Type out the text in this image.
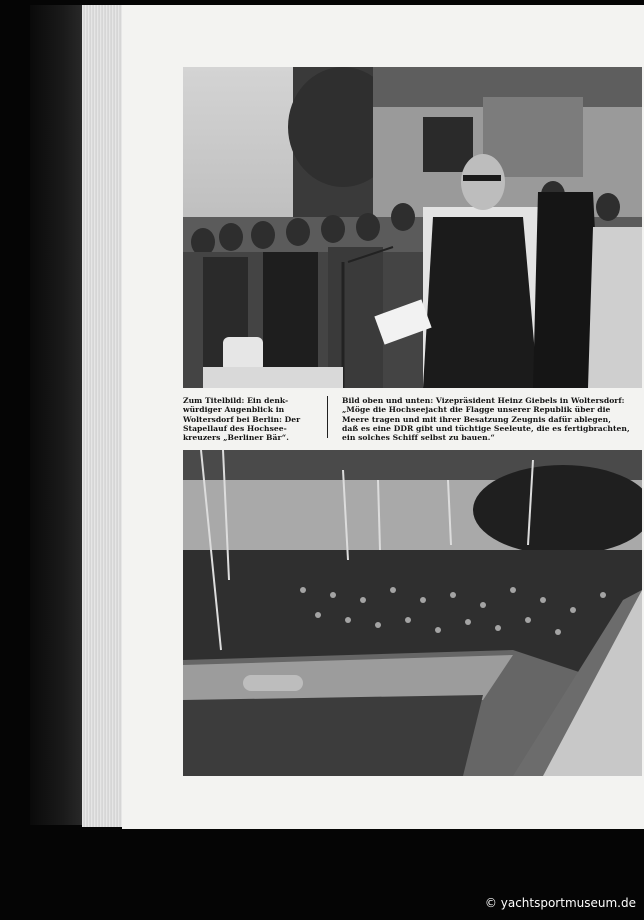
Zum Titelbild: Ein denk-
würdiger Augenblick in
Woltersdorf bei Berlin: Der
Stapellauf des Hochsee-
kreuzers „Berliner Bär“.
Bild oben und unten: Vizepräsident Heinz Giebels in Woltersdorf:
„Möge die Hochseejacht die Flagge unserer Republik über die
Meere tragen und mit ihrer Besatzung Zeugnis dafür ablegen,
daß es eine DDR gibt und tüchtige Seeleute, die es fertigbrachten,
ein solches Schiff selbst zu bauen.“
© yachtsportmuseum.de
